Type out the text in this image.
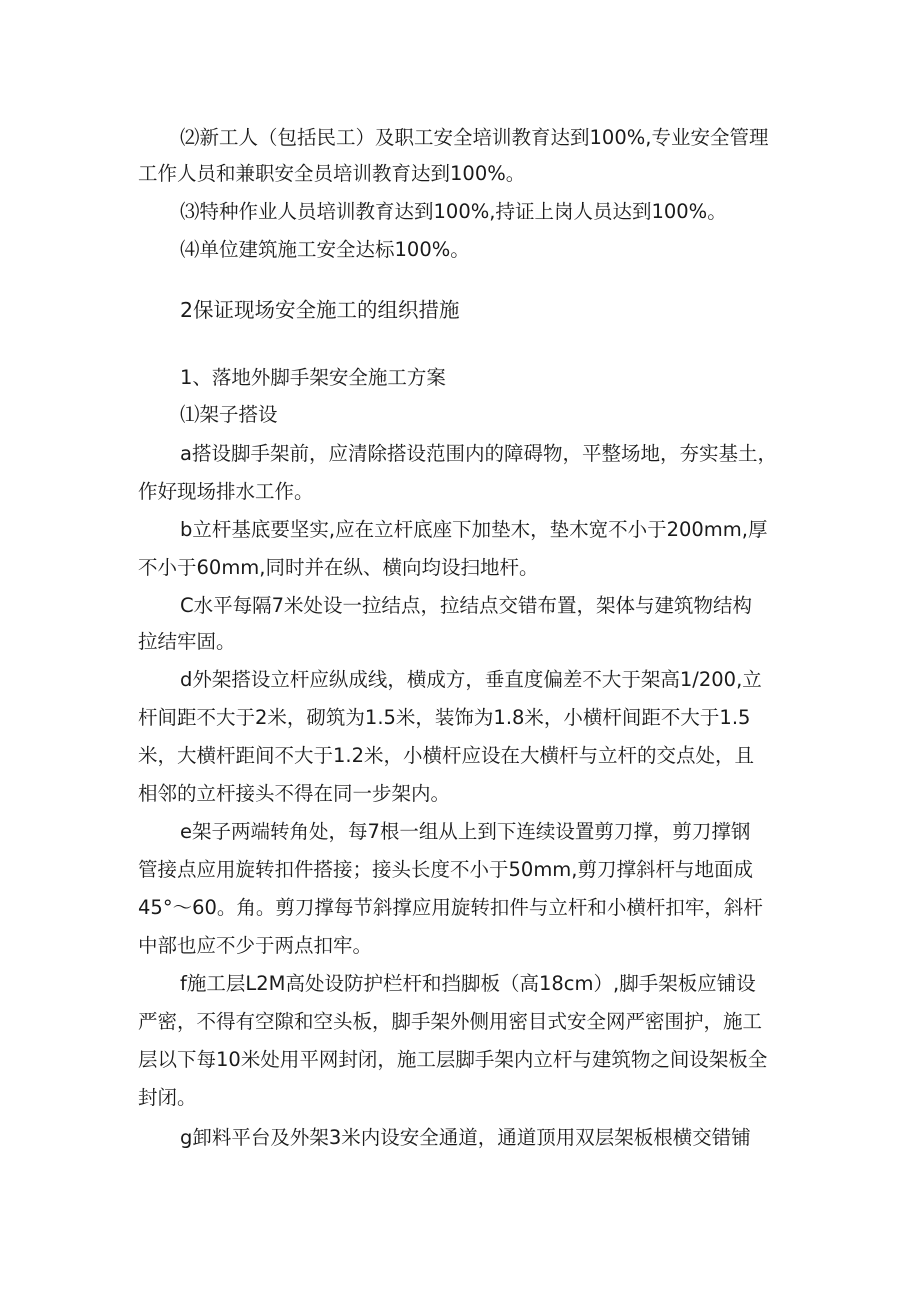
⑵新工人（包括民工）及职工安全培训教育达到100%,专业安全管理
工作人员和兼职安全员培训教育达到100%。
⑶特种作业人员培训教育达到100%,持证上岗人员达到100%。
⑷单位建筑施工安全达标100%。
2保证现场安全施工的组织措施
1、落地外脚手架安全施工方案
⑴架子搭设
a搭设脚手架前，应清除搭设范围内的障碍物，平整场地，夯实基土，
作好现场排水工作。
b立杆基底要坚实,应在立杆底座下加垫木，垫木宽不小于200mm,厚
不小于60mm,同时并在纵、横向均设扫地杆。
C水平每隔7米处设一拉结点，拉结点交错布置，架体与建筑物结构
拉结牢固。
d外架搭设立杆应纵成线，横成方，垂直度偏差不大于架高1/200,立
杆间距不大于2米，砌筑为1.5米，装饰为1.8米，小横杆间距不大于1.5
米，大横杆距间不大于1.2米，小横杆应设在大横杆与立杆的交点处，且
相邻的立杆接头不得在同一步架内。
e架子两端转角处，每7根一组从上到下连续设置剪刀撑，剪刀撑钢
管接点应用旋转扣件搭接；接头长度不小于50mm,剪刀撑斜杆与地面成
45°～60。角。剪刀撑每节斜撑应用旋转扣件与立杆和小横杆扣牢，斜杆
中部也应不少于两点扣牢。
f施工层L2M高处设防护栏杆和挡脚板（高18cm）,脚手架板应铺设
严密，不得有空隙和空头板，脚手架外侧用密目式安全网严密围护，施工
层以下每10米处用平网封闭，施工层脚手架内立杆与建筑物之间设架板全
封闭。
g卸料平台及外架3米内设安全通道，通道顶用双层架板根横交错铺
